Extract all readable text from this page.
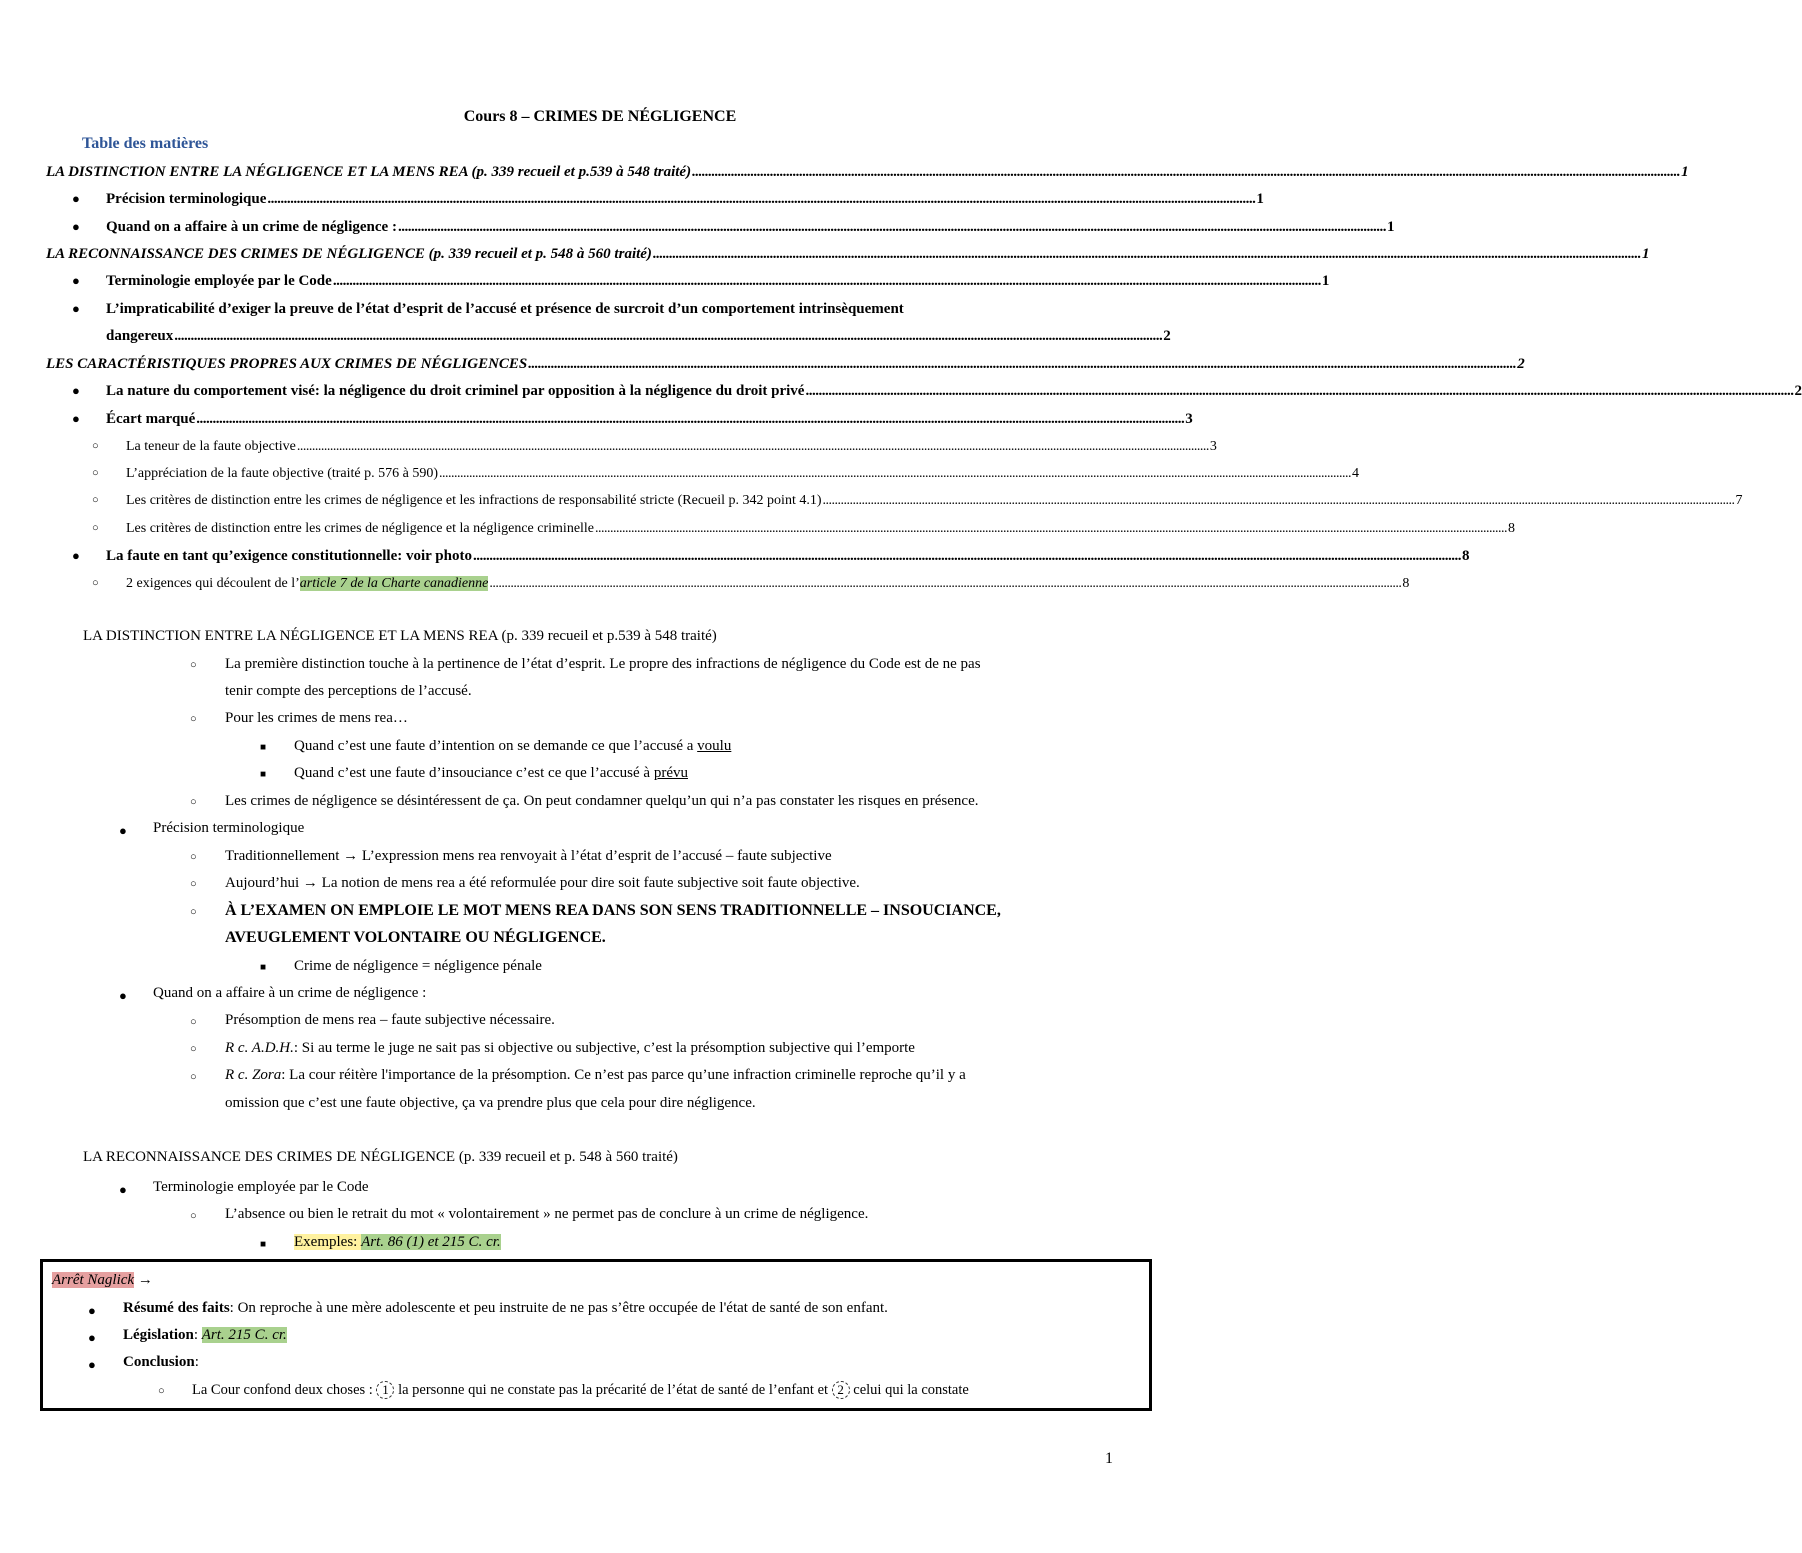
Cours 8 – CRIMES DE NÉGLIGENCE
Table des matières
LA DISTINCTION ENTRE LA NÉGLIGENCE ET LA MENS REA (p. 339 recueil et p.539 à 548 traité) ................................................................................................................................................................................................................................................................................................................ 1
● Précision terminologique ................................................................................................................................................................................................................................................................................................................ 1
● Quand on a affaire à un crime de négligence : ................................................................................................................................................................................................................................................................................................................ 1
LA RECONNAISSANCE DES CRIMES DE NÉGLIGENCE (p. 339 recueil et p. 548 à 560 traité) ................................................................................................................................................................................................................................................................................................................ 1
● Terminologie employée par le Code ................................................................................................................................................................................................................................................................................................................ 1
● L’impraticabilité d’exiger la preuve de l’état d’esprit de l’accusé et présence de surcroit d’un comportement intrinsèquement
dangereux ................................................................................................................................................................................................................................................................................................................ 2
LES CARACTÉRISTIQUES PROPRES AUX CRIMES DE NÉGLIGENCES ................................................................................................................................................................................................................................................................................................................ 2
● La nature du comportement visé: la négligence du droit criminel par opposition à la négligence du droit privé ................................................................................................................................................................................................................................................................................................................ 2
● Écart marqué ................................................................................................................................................................................................................................................................................................................ 3
○ La teneur de la faute objective ................................................................................................................................................................................................................................................................................................................ 3
○ L’appréciation de la faute objective (traité p. 576 à 590) ................................................................................................................................................................................................................................................................................................................ 4
○ Les critères de distinction entre les crimes de négligence et les infractions de responsabilité stricte (Recueil p. 342 point 4.1) ................................................................................................................................................................................................................................................................................................................ 7
○ Les critères de distinction entre les crimes de négligence et la négligence criminelle ................................................................................................................................................................................................................................................................................................................ 8
● La faute en tant qu’exigence constitutionnelle: voir photo ................................................................................................................................................................................................................................................................................................................ 8
○ 2 exigences qui découlent de l’article 7 de la Charte canadienne ................................................................................................................................................................................................................................................................................................................ 8
LA DISTINCTION ENTRE LA NÉGLIGENCE ET LA MENS REA (p. 339 recueil et p.539 à 548 traité)
○ La première distinction touche à la pertinence de l’état d’esprit. Le propre des infractions de négligence du Code est de ne pas
tenir compte des perceptions de l’accusé.
○ Pour les crimes de mens rea…
■ Quand c’est une faute d’intention on se demande ce que l’accusé a voulu
■ Quand c’est une faute d’insouciance c’est ce que l’accusé à prévu
○ Les crimes de négligence se désintéressent de ça. On peut condamner quelqu’un qui n’a pas constater les risques en présence.
● Précision terminologique
○ Traditionnellement → L’expression mens rea renvoyait à l’état d’esprit de l’accusé – faute subjective
○ Aujourd’hui → La notion de mens rea a été reformulée pour dire soit faute subjective soit faute objective.
○ À L’EXAMEN ON EMPLOIE LE MOT MENS REA DANS SON SENS TRADITIONNELLE – INSOUCIANCE,
AVEUGLEMENT VOLONTAIRE OU NÉGLIGENCE.
■ Crime de négligence = négligence pénale
● Quand on a affaire à un crime de négligence :
○ Présomption de mens rea – faute subjective nécessaire.
○ R c. A.D.H.: Si au terme le juge ne sait pas si objective ou subjective, c’est la présomption subjective qui l’emporte
○ R c. Zora: La cour réitère l'importance de la présomption. Ce n’est pas parce qu’une infraction criminelle reproche qu’il y a
omission que c’est une faute objective, ça va prendre plus que cela pour dire négligence.
LA RECONNAISSANCE DES CRIMES DE NÉGLIGENCE (p. 339 recueil et p. 548 à 560 traité)
● Terminologie employée par le Code
○ L’absence ou bien le retrait du mot « volontairement » ne permet pas de conclure à un crime de négligence.
■ Exemples: Art. 86 (1) et 215 C. cr.
Arrêt Naglick →
● Résumé des faits: On reproche à une mère adolescente et peu instruite de ne pas s’être occupée de l'état de santé de son enfant.
● Législation: Art. 215 C. cr.
● Conclusion:
○ La Cour confond deux choses : 1 la personne qui ne constate pas la précarité de l’état de santé de l’enfant et 2 celui qui la constate
1
